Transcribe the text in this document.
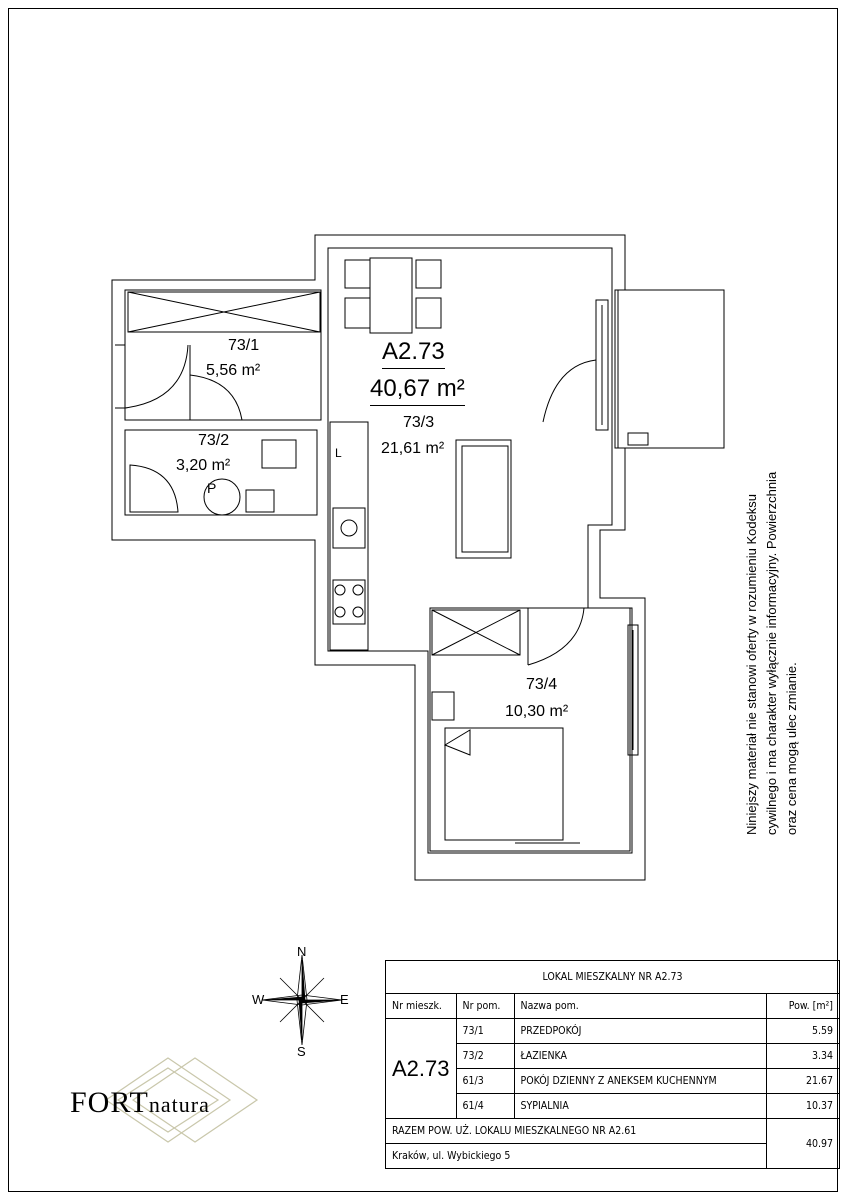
73/1
5,56 m²
73/2
3,20 m²
P
L
A2.73
40,67 m²
73/3
21,61 m²
73/4
10,30 m²	Niniejszy materiał nie stanowi oferty w rozumieniu Kodeksu cywilnego i ma charakter wyłącznie informacyjny. Powierzchnia oraz cena mogą ulec zmianie.
N
S
E
W
FORTnatura
LOKAL MIESZKALNY NR A2.73			
Nr mieszk.	Nr pom.	Nazwa pom.	Pow. [m²]
A2.73	73/1	PRZEDPOKÓJ	5.59
	73/2	ŁAZIENKA	3.34
	61/3	POKÓJ DZIENNY Z ANEKSEM KUCHENNYM	21.67
	61/4	SYPIALNIA	10.37
RAZEM POW. UŻ. LOKALU MIESZKALNEGO NR A2.61			40.97
Kraków, ul. Wybickiego 5			
